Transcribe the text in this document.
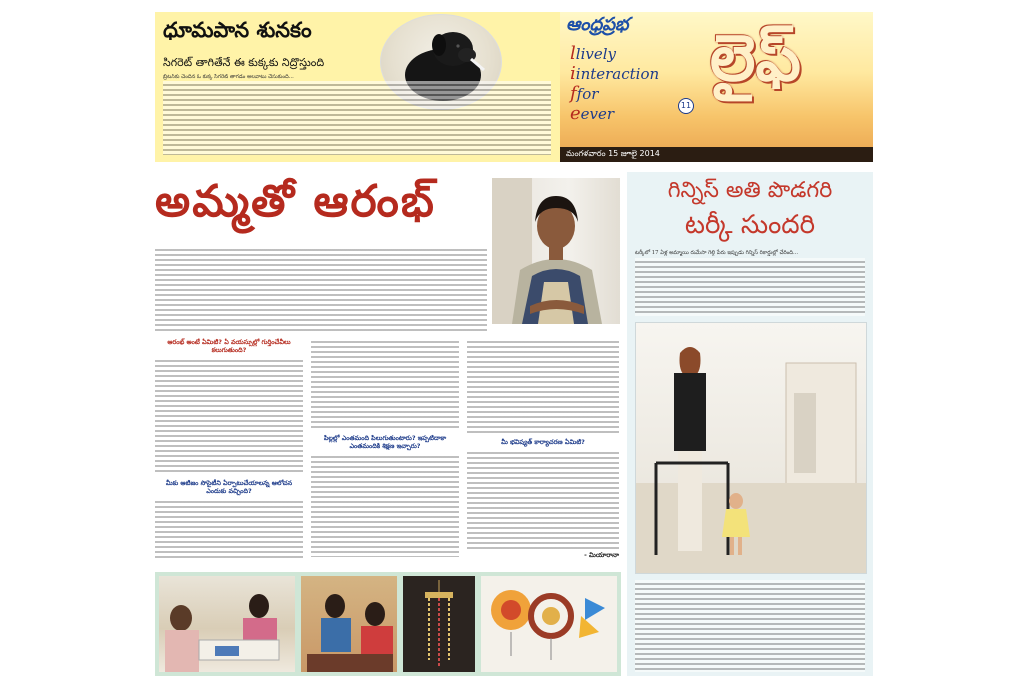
ధూమపాన శునకం
సిగరెట్ తాగితేనే ఈ కుక్కకు నిద్రొస్తుంది
బ్రిటన్‌కు చెందిన ఓ కుక్క సిగరెట్ తాగడం అలవాటు చేసుకుంది...
ఆంధ్రప్రభ
llively
iinteraction
ffor
eever	11
లైఫ్
మంగళవారం 15 జూలై 2014
అమ్మతో ఆరంభ్
ఆరంభ్ అంటే ఏమిటి? ఏ వయస్సుల్లో గుర్తించేవీలు కలుగుతుంది?
మీకు ఆటిజం సొసైటీని ఏర్పాటుచేయాలన్న ఆలోచన ఎందుకు వచ్చింది?
పిల్లల్లో ఎంతమంది పిలుగుతుంటారు? ఇప్పటిదాకా ఎంతమందికి శిక్షణ ఇచ్చారు?	మీ భవిష్యత్ కార్యాచరణ ఏమిటి?
- మియారానా
గిన్నిస్ అతి పొడగరి
టర్కీ సుందరి
టర్కీలో 17 ఏళ్ల అమ్మాయి రుమేసా గెల్గి పేరు ఇప్పుడు గిన్నిస్ రికార్డుల్లో చేరింది...
